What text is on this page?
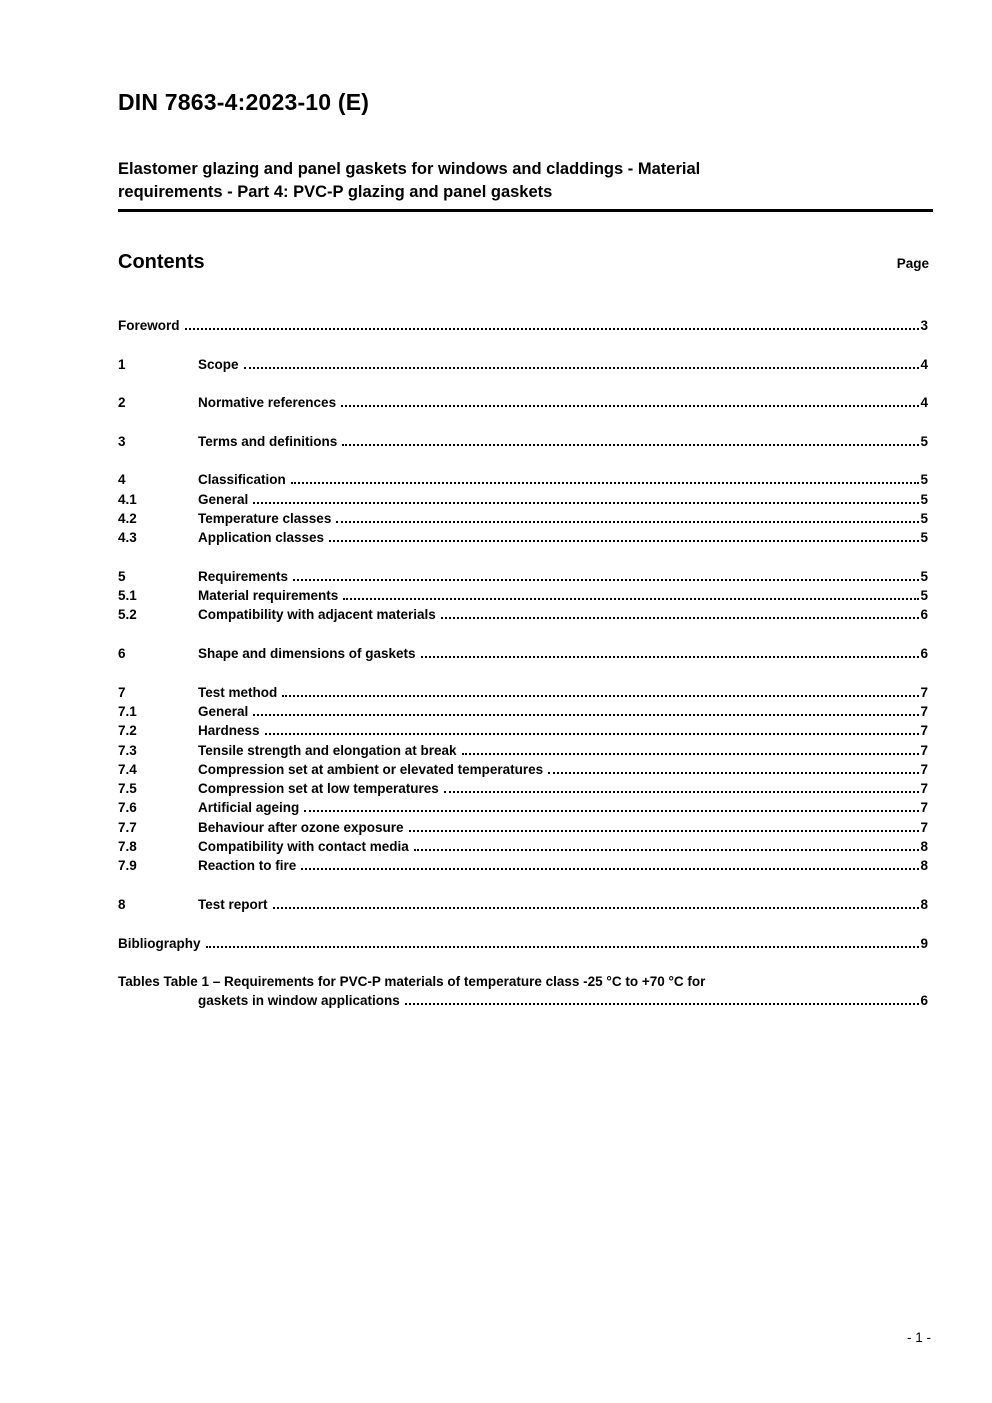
DIN 7863-4:2023-10 (E)
Elastomer glazing and panel gaskets for windows and claddings - Material
requirements - Part 4: PVC-P glazing and panel gaskets
Contents	Page
Foreword	3
1	Scope	4
2	Normative references	4
3	Terms and definitions	5
4	Classification	5
4.1	General	5
4.2	Temperature classes	5
4.3	Application classes	5
5	Requirements	5
5.1	Material requirements	5
5.2	Compatibility with adjacent materials	6
6	Shape and dimensions of gaskets	6
7	Test method	7
7.1	General	7
7.2	Hardness	7
7.3	Tensile strength and elongation at break	7
7.4	Compression set at ambient or elevated temperatures	7
7.5	Compression set at low temperatures	7
7.6	Artificial ageing	7
7.7	Behaviour after ozone exposure	7
7.8	Compatibility with contact media	8
7.9	Reaction to fire	8
8	Test report	8
Bibliography	9
Tables Table 1 – Requirements for PVC-P materials of temperature class -25 °C to +70 °C for
gaskets in window applications	6
- 1 -
